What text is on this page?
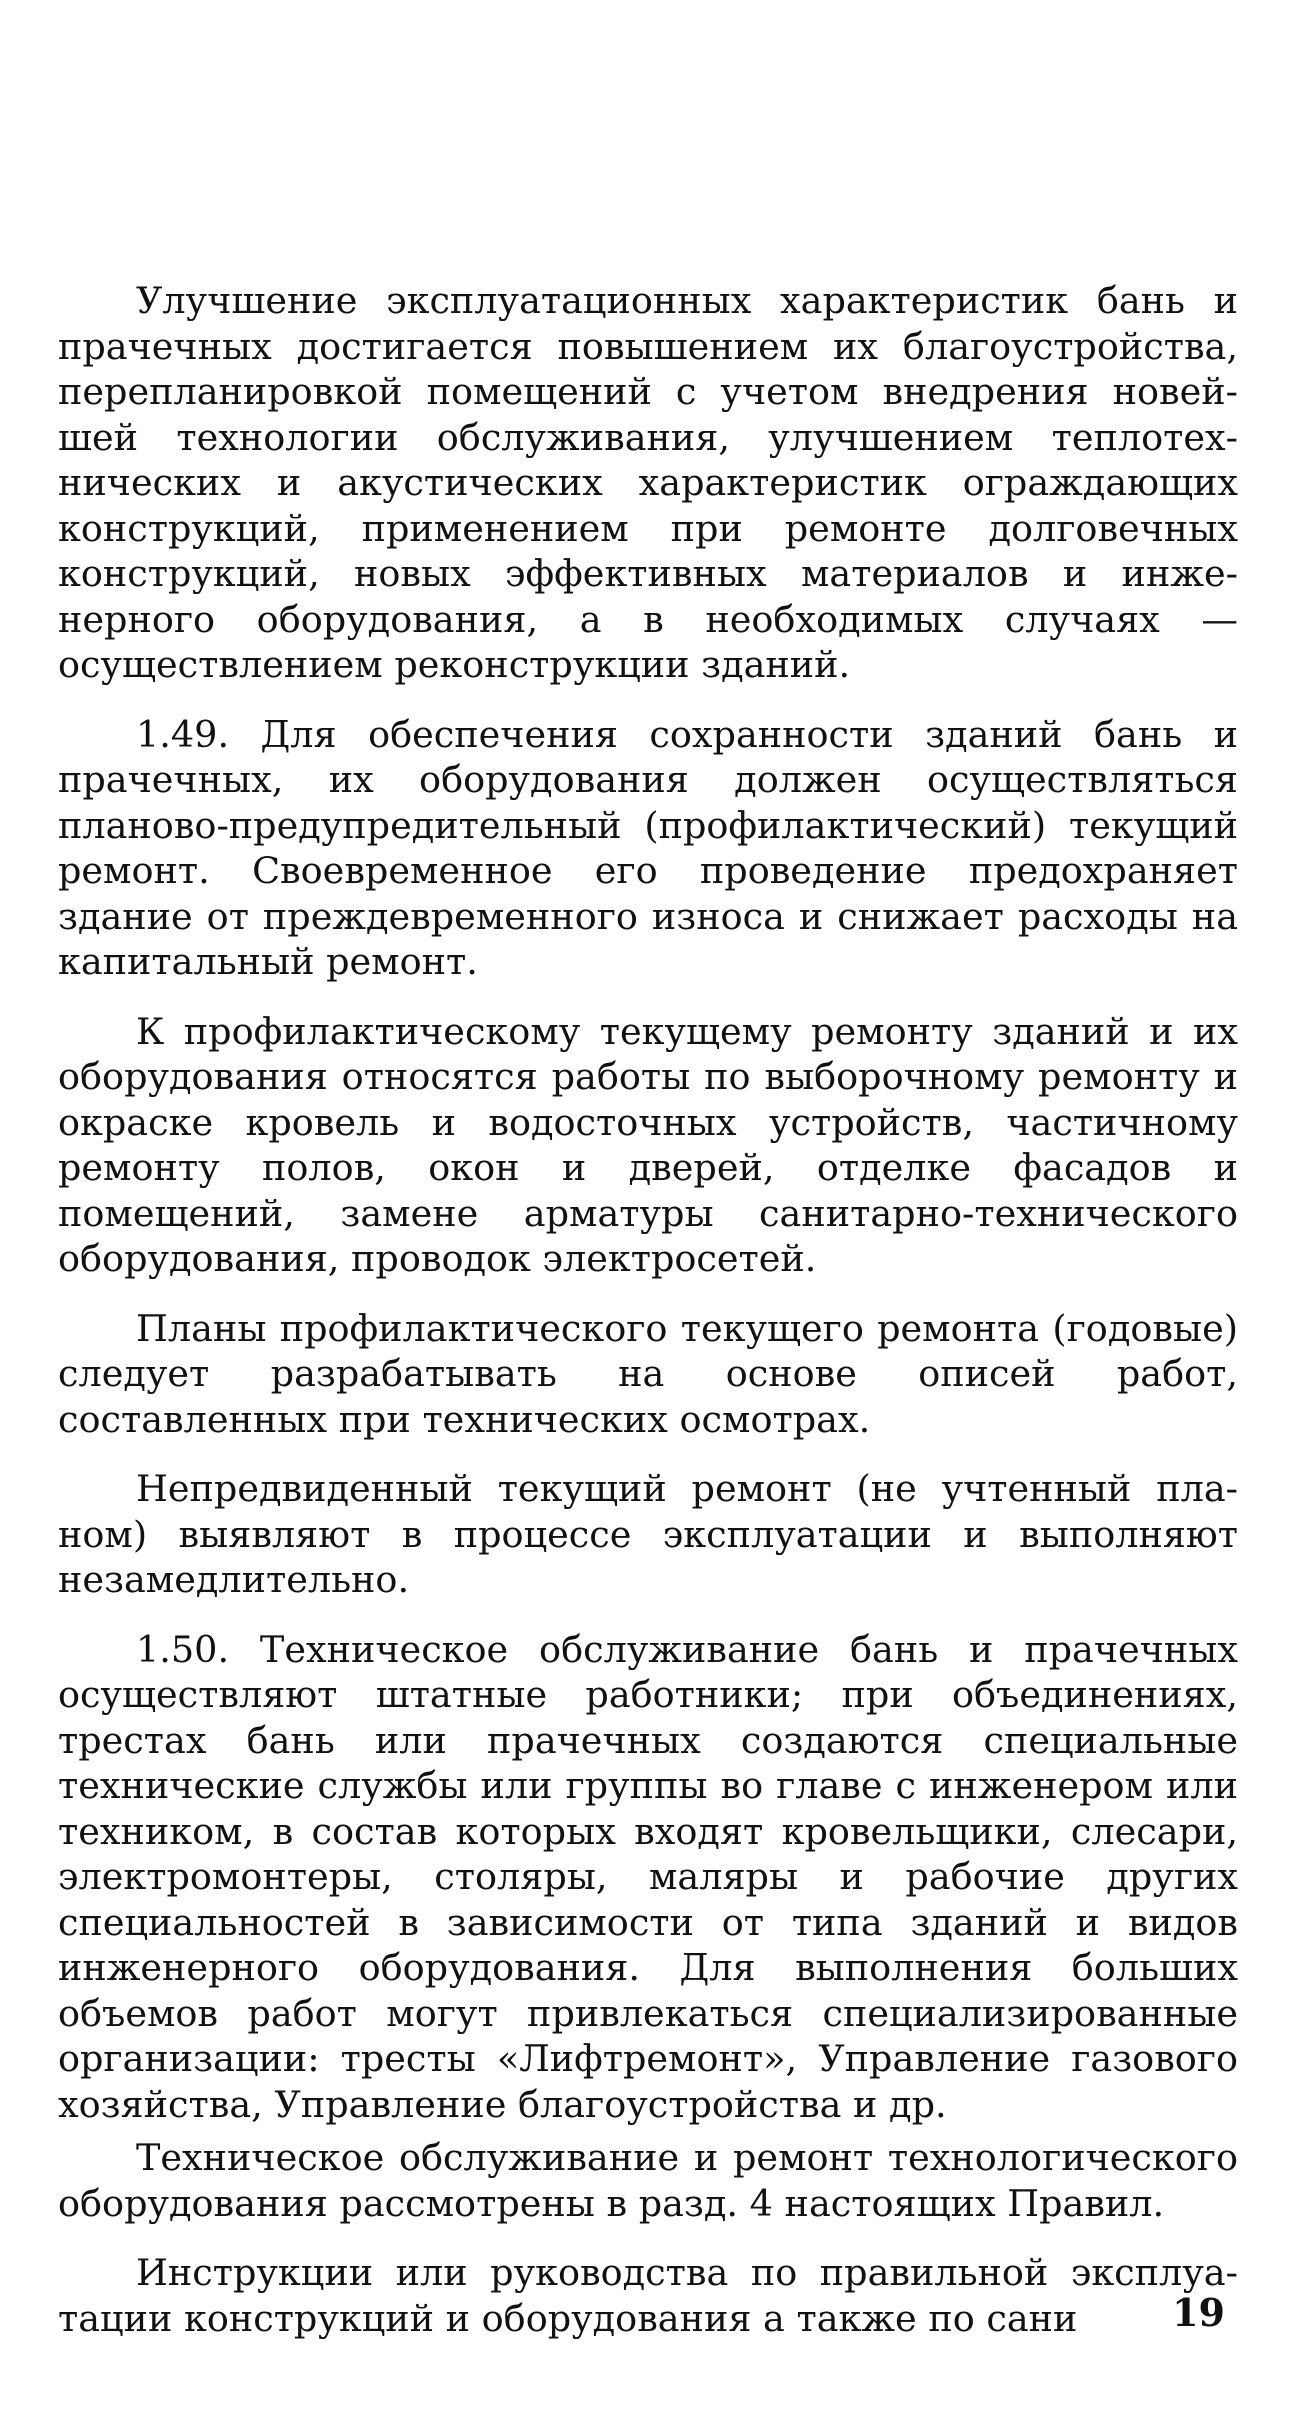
Улучшение эксплуатационных характеристик бань и прачечных достигается повышением их благоустройства, перепланировкой помещений с учетом внедрения новейшей технологии обслуживания, улучшением теплотехнических и акустических характеристик ограждающих конструкций, применением при ремонте долговечных конструкций, новых эффективных материалов и инженерного оборудования, а в необходимых случаях — осуществлением реконструкции зданий.

1.49. Для обеспечения сохранности зданий бань и прачечных, их оборудования должен осуществляться планово-предупредительный (профилактический) текущий ремонт. Своевременное его проведение предохраняет здание от преждевременного износа и снижает расходы на капитальный ремонт.

К профилактическому текущему ремонту зданий и их оборудования относятся работы по выборочному ремонту и окраске кровель и водосточных устройств, частичному ремонту полов, окон и дверей, отделке фасадов и помещений, замене арматуры санитарно-технического оборудования, проводок электросетей.

Планы профилактического текущего ремонта (годовые) следует разрабатывать на основе описей работ, составленных при технических осмотрах.

Непредвиденный текущий ремонт (не учтенный планом) выявляют в процессе эксплуатации и выполняют незамедлительно.

1.50. Техническое обслуживание бань и прачечных осуществляют штатные работники; при объединениях, трестах бань или прачечных создаются специальные технические службы или группы во главе с инженером или техником, в состав которых входят кровельщики, слесари, электромонтеры, столяры, маляры и рабочие других специальностей в зависимости от типа зданий и видов инженерного оборудования. Для выполнения больших объемов работ могут привлекаться специализированные организации: тресты «Лифтремонт», Управление газового хозяйства, Управление благоустройства и др.

Техническое обслуживание и ремонт технологического оборудования рассмотрены в разд. 4 настоящих Правил.

Инструкции или руководства по правильной эксплуатации конструкций и оборудования а также по сани	19
